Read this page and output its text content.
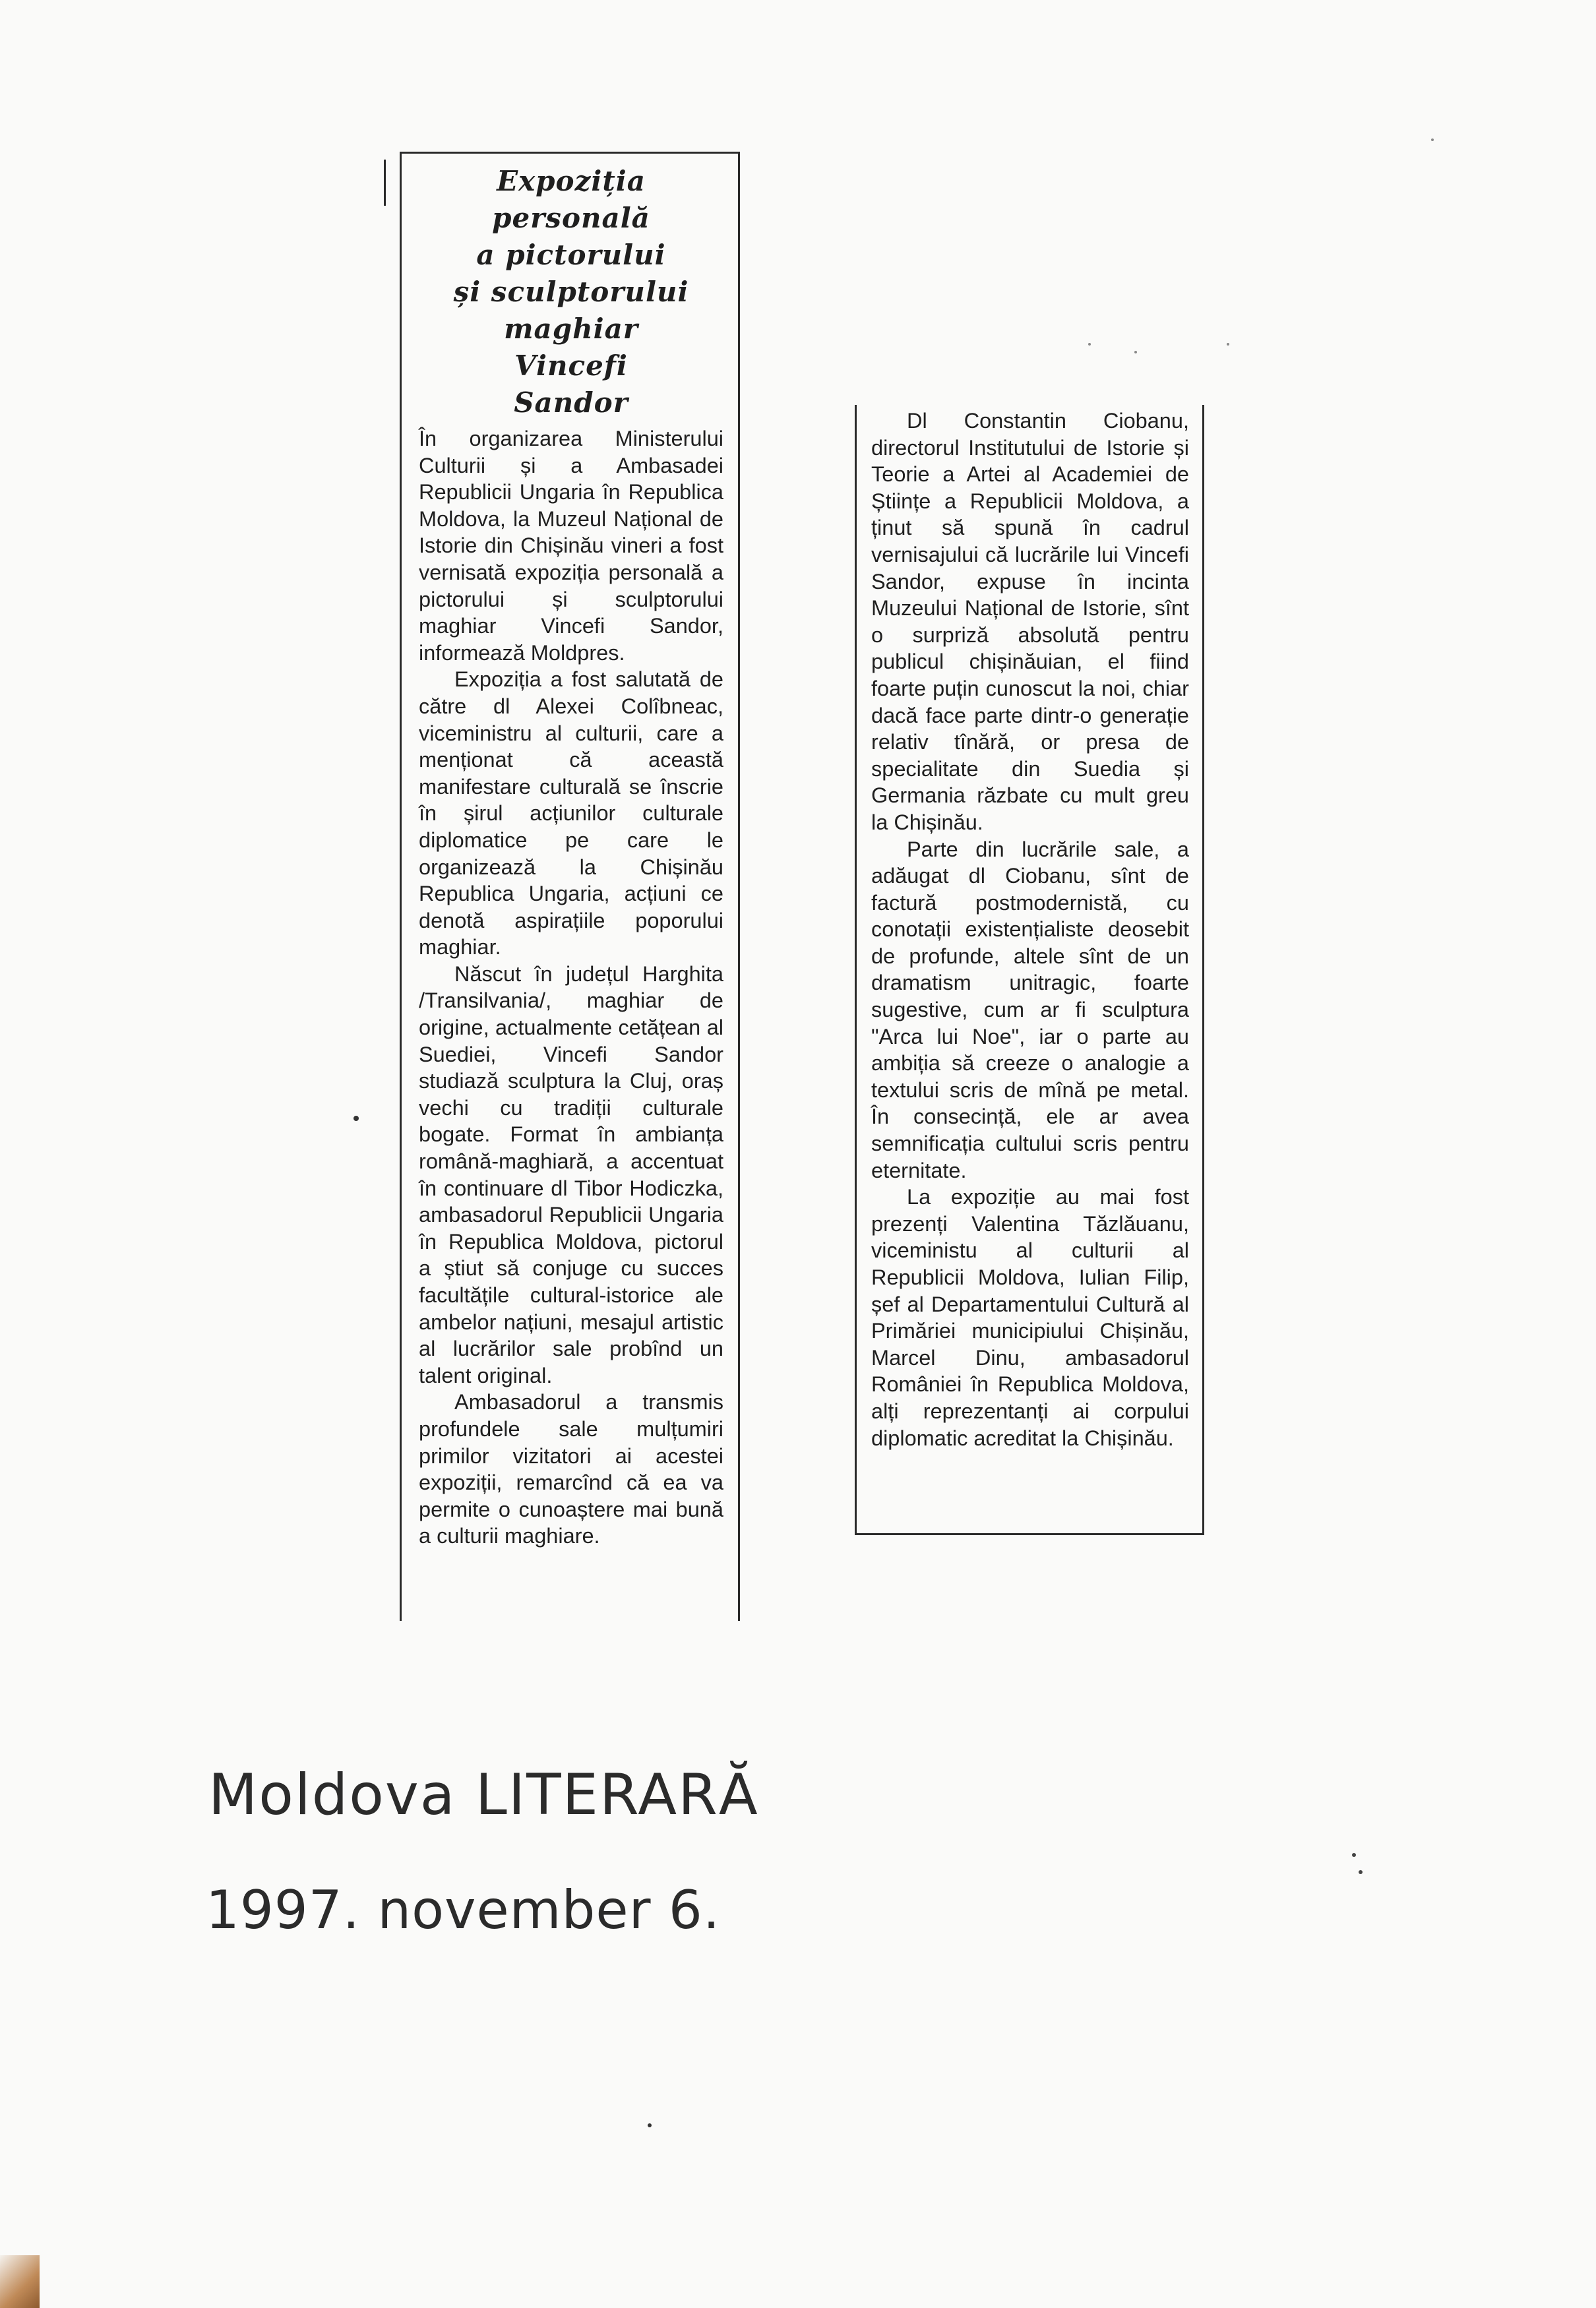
Expoziția
personală
a pictorului
și sculptorului
maghiar
Vincefi
Sandor

În organizarea Ministerului Culturii și a Ambasadei Republicii Ungaria în Republica Moldova, la Muzeul Național de Istorie din Chișinău vineri a fost vernisată expoziția personală a pictorului și sculptorului maghiar Vincefi Sandor, informează Moldpres.

Expoziția a fost salutată de către dl Alexei Colîbneac, viceministru al culturii, care a menționat că această manifestare culturală se înscrie în șirul acțiunilor culturale diplomatice pe care le organizează la Chișinău Republica Ungaria, acțiuni ce denotă aspirațiile poporului maghiar.

Născut în județul Harghita /Transilvania/, maghiar de origine, actualmente cetățean al Suediei, Vincefi Sandor studiază sculptura la Cluj, oraș vechi cu tradiții culturale bogate. Format în ambianța română-maghiară, a accentuat în continuare dl Tibor Hodiczka, ambasadorul Republicii Ungaria în Republica Moldova, pictorul a știut să conjuge cu succes facultățile cultural-istorice ale ambelor națiuni, mesajul artistic al lucrărilor sale probînd un talent original.

Ambasadorul a transmis profundele sale mulțumiri primilor vizitatori ai acestei expoziții, remarcînd că ea va permite o cunoaștere mai bună a culturii maghiare.

Dl Constantin Ciobanu, directorul Institutului de Istorie și Teorie a Artei al Academiei de Științe a Republicii Moldova, a ținut să spună în cadrul vernisajului că lucrările lui Vincefi Sandor, expuse în incinta Muzeului Național de Istorie, sînt o surpriză absolută pentru publicul chișinăuian, el fiind foarte puțin cunoscut la noi, chiar dacă face parte dintr-o generație relativ tînără, or presa de specialitate din Suedia și Germania răzbate cu mult greu la Chișinău.

Parte din lucrările sale, a adăugat dl Ciobanu, sînt de factură postmodernistă, cu conotații existențialiste deosebit de profunde, altele sînt de un dramatism unitragic, foarte sugestive, cum ar fi sculptura "Arca lui Noe", iar o parte au ambiția să creeze o analogie a textului scris de mînă pe metal. În consecință, ele ar avea semnificația cultului scris pentru eternitate.

La expoziție au mai fost prezenți Valentina Tăzlăuanu, viceministu al culturii al Republicii Moldova, Iulian Filip, șef al Departamentului Cultură al Primăriei municipiului Chișinău, Marcel Dinu, ambasadorul României în Republica Moldova, alți reprezentanți ai corpului diplomatic acreditat la Chișinău.

Moldova LITERARĂ
1997. november 6.
